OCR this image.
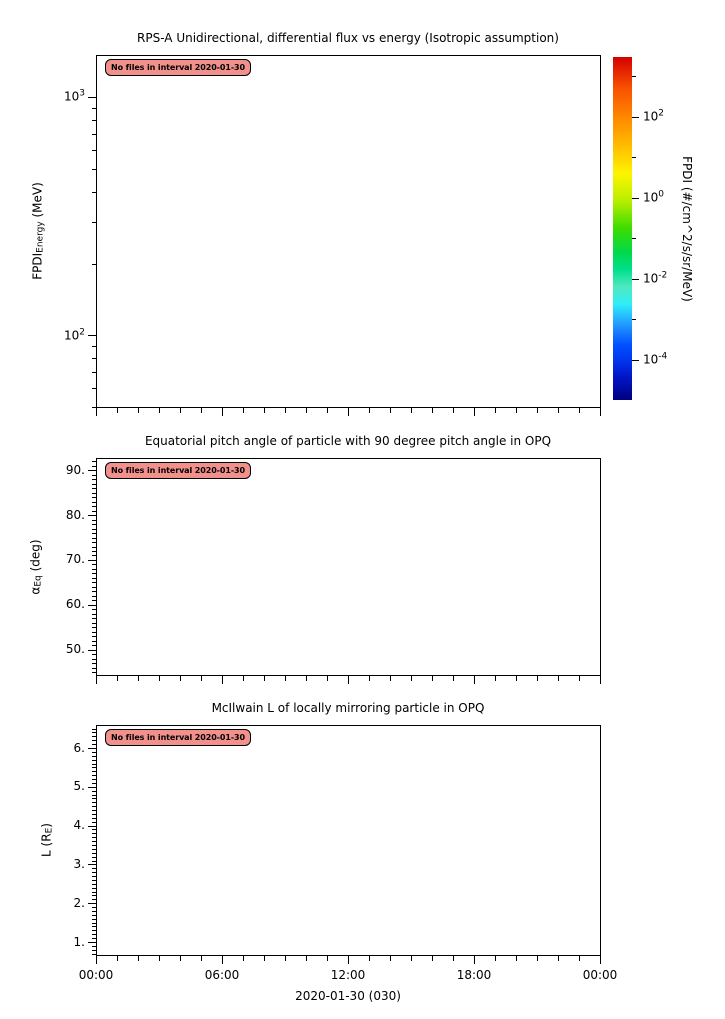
RPS-A Unidirectional, differential flux vs energy (Isotropic assumption)
$FPDI_{Energy}$ (MeV)
No files in interval 2020-01-30
FPDI (#/cm^2/s/sr/MeV)
Equatorial pitch angle of particle with 90 degree pitch angle in OPQ
$\alpha_{Eq}$ (deg)
No files in interval 2020-01-30
McIlwain L of locally mirroring particle in OPQ
L $(R_E)$
No files in interval 2020-01-30
2020-01-30 (030)
$10^3$
$10^2$
90.
80.
70.
60.
50.
6.
5.
4.
3.
2.
1.
00:00	06:00	12:00	18:00	00:00
$10^2$
$10^0$
$10^{-2}$
$10^{-4}$
